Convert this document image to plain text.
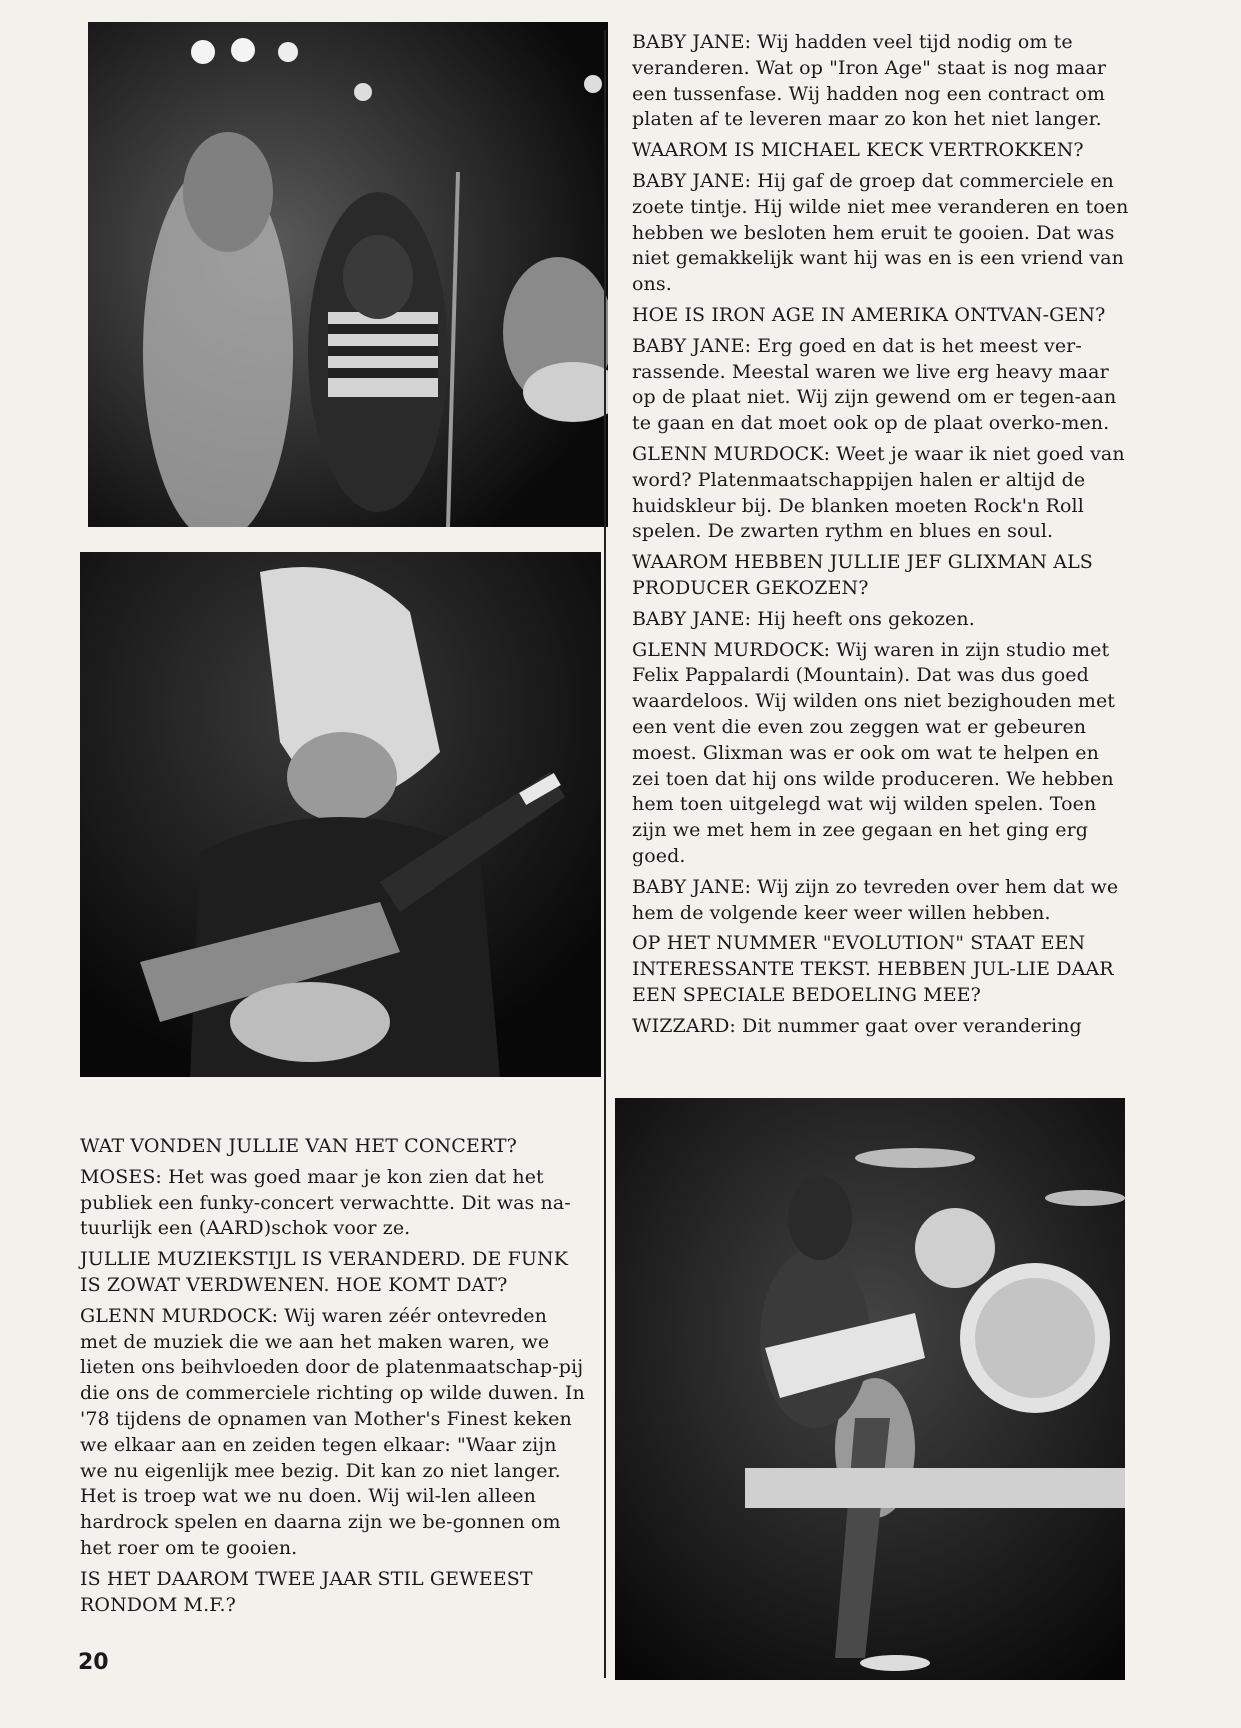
BABY JANE: Wij hadden veel tijd nodig om te veranderen. Wat op "Iron Age" staat is nog maar een tussenfase. Wij hadden nog een contract om platen af te leveren maar zo kon het niet langer.

WAAROM IS MICHAEL KECK VERTROKKEN?

BABY JANE: Hij gaf de groep dat commerciele en zoete tintje. Hij wilde niet mee veranderen en toen hebben we besloten hem eruit te gooien. Dat was niet gemakkelijk want hij was en is een vriend van ons.

HOE IS IRON AGE IN AMERIKA ONTVAN-GEN?

BABY JANE: Erg goed en dat is het meest ver-rassende. Meestal waren we live erg heavy maar op de plaat niet. Wij zijn gewend om er tegen-aan te gaan en dat moet ook op de plaat overko-men.

GLENN MURDOCK: Weet je waar ik niet goed van word? Platenmaatschappijen halen er altijd de huidskleur bij. De blanken moeten Rock'n Roll spelen. De zwarten rythm en blues en soul.

WAAROM HEBBEN JULLIE JEF GLIXMAN ALS PRODUCER GEKOZEN?

BABY JANE: Hij heeft ons gekozen.

GLENN MURDOCK: Wij waren in zijn studio met Felix Pappalardi (Mountain). Dat was dus goed waardeloos. Wij wilden ons niet bezighouden met een vent die even zou zeggen wat er gebeuren moest. Glixman was er ook om wat te helpen en zei toen dat hij ons wilde produceren. We hebben hem toen uitgelegd wat wij wilden spelen. Toen zijn we met hem in zee gegaan en het ging erg goed.

BABY JANE: Wij zijn zo tevreden over hem dat we hem de volgende keer weer willen hebben.

OP HET NUMMER "EVOLUTION" STAAT EEN INTERESSANTE TEKST. HEBBEN JUL-LIE DAAR EEN SPECIALE BEDOELING MEE?

WIZZARD: Dit nummer gaat over verandering

WAT VONDEN JULLIE VAN HET CONCERT?

MOSES: Het was goed maar je kon zien dat het publiek een funky-concert verwachtte. Dit was na-tuurlijk een (AARD)schok voor ze.

JULLIE MUZIEKSTIJL IS VERANDERD. DE FUNK IS ZOWAT VERDWENEN. HOE KOMT DAT?

GLENN MURDOCK: Wij waren zéér ontevreden met de muziek die we aan het maken waren, we lieten ons beihvloeden door de platenmaatschap-pij die ons de commerciele richting op wilde duwen. In '78 tijdens de opnamen van Mother's Finest keken we elkaar aan en zeiden tegen elkaar: "Waar zijn we nu eigenlijk mee bezig. Dit kan zo niet langer. Het is troep wat we nu doen. Wij wil-len alleen hardrock spelen en daarna zijn we be-gonnen om het roer om te gooien.

IS HET DAAROM TWEE JAAR STIL GEWEEST RONDOM M.F.?

20
